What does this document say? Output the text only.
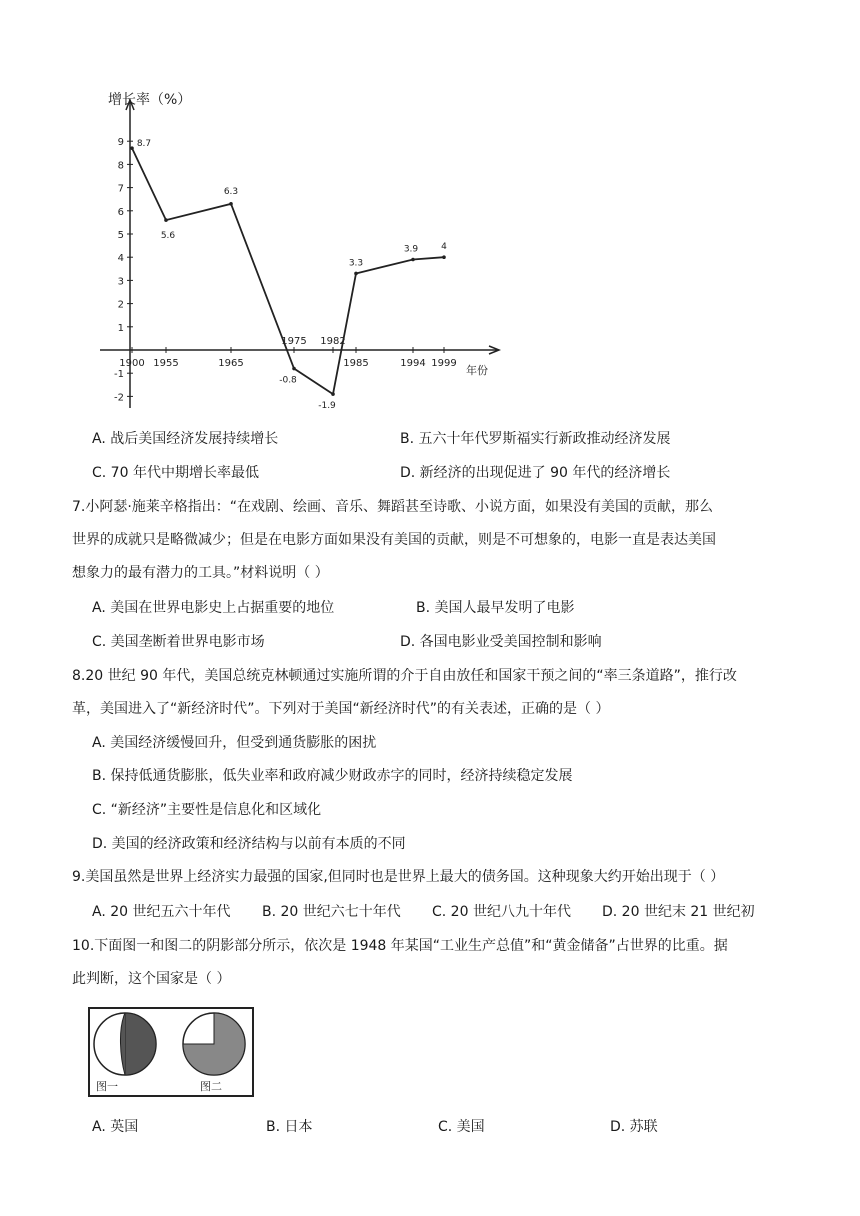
增长率（%）
年份
9
8
7
6
5
4
3
2
1
-1
-2
1900 1955	1965
1975 1982
1985	1994 1999
8.7
5.6
6.3
-0.8
-1.9
3.3
3.9	4
A. 战后美国经济发展持续增长	B. 五六十年代罗斯福实行新政推动经济发展
C. 70 年代中期增长率最低	D. 新经济的出现促进了 90 年代的经济增长
7.小阿瑟·施莱辛格指出：“在戏剧、绘画、音乐、舞蹈甚至诗歌、小说方面，如果没有美国的贡献，那么
世界的成就只是略微减少；但是在电影方面如果没有美国的贡献，则是不可想象的，电影一直是表达美国
想象力的最有潜力的工具。”材料说明（ ）
A. 美国在世界电影史上占据重要的地位	B. 美国人最早发明了电影
C. 美国垄断着世界电影市场	D. 各国电影业受美国控制和影响
8.20 世纪 90 年代，美国总统克林顿通过实施所谓的介于自由放任和国家干预之间的“率三条道路”，推行改
革，美国进入了“新经济时代”。下列对于美国“新经济时代”的有关表述，正确的是（ ）
A. 美国经济缓慢回升，但受到通货膨胀的困扰
B. 保持低通货膨胀，低失业率和政府减少财政赤字的同时，经济持续稳定发展
C. “新经济”主要性是信息化和区域化
D. 美国的经济政策和经济结构与以前有本质的不同
9.美国虽然是世界上经济实力最强的国家,但同时也是世界上最大的债务国。这种现象大约开始出现于（ ）
A. 20 世纪五六十年代 B. 20 世纪六七十年代 C. 20 世纪八九十年代 D. 20 世纪末 21 世纪初
10.下面图一和图二的阴影部分所示，依次是 1948 年某国“工业生产总值”和“黄金储备”占世界的比重。据
此判断，这个国家是（ ）
图一	图二
A. 英国	B. 日本	C. 美国	D. 苏联
